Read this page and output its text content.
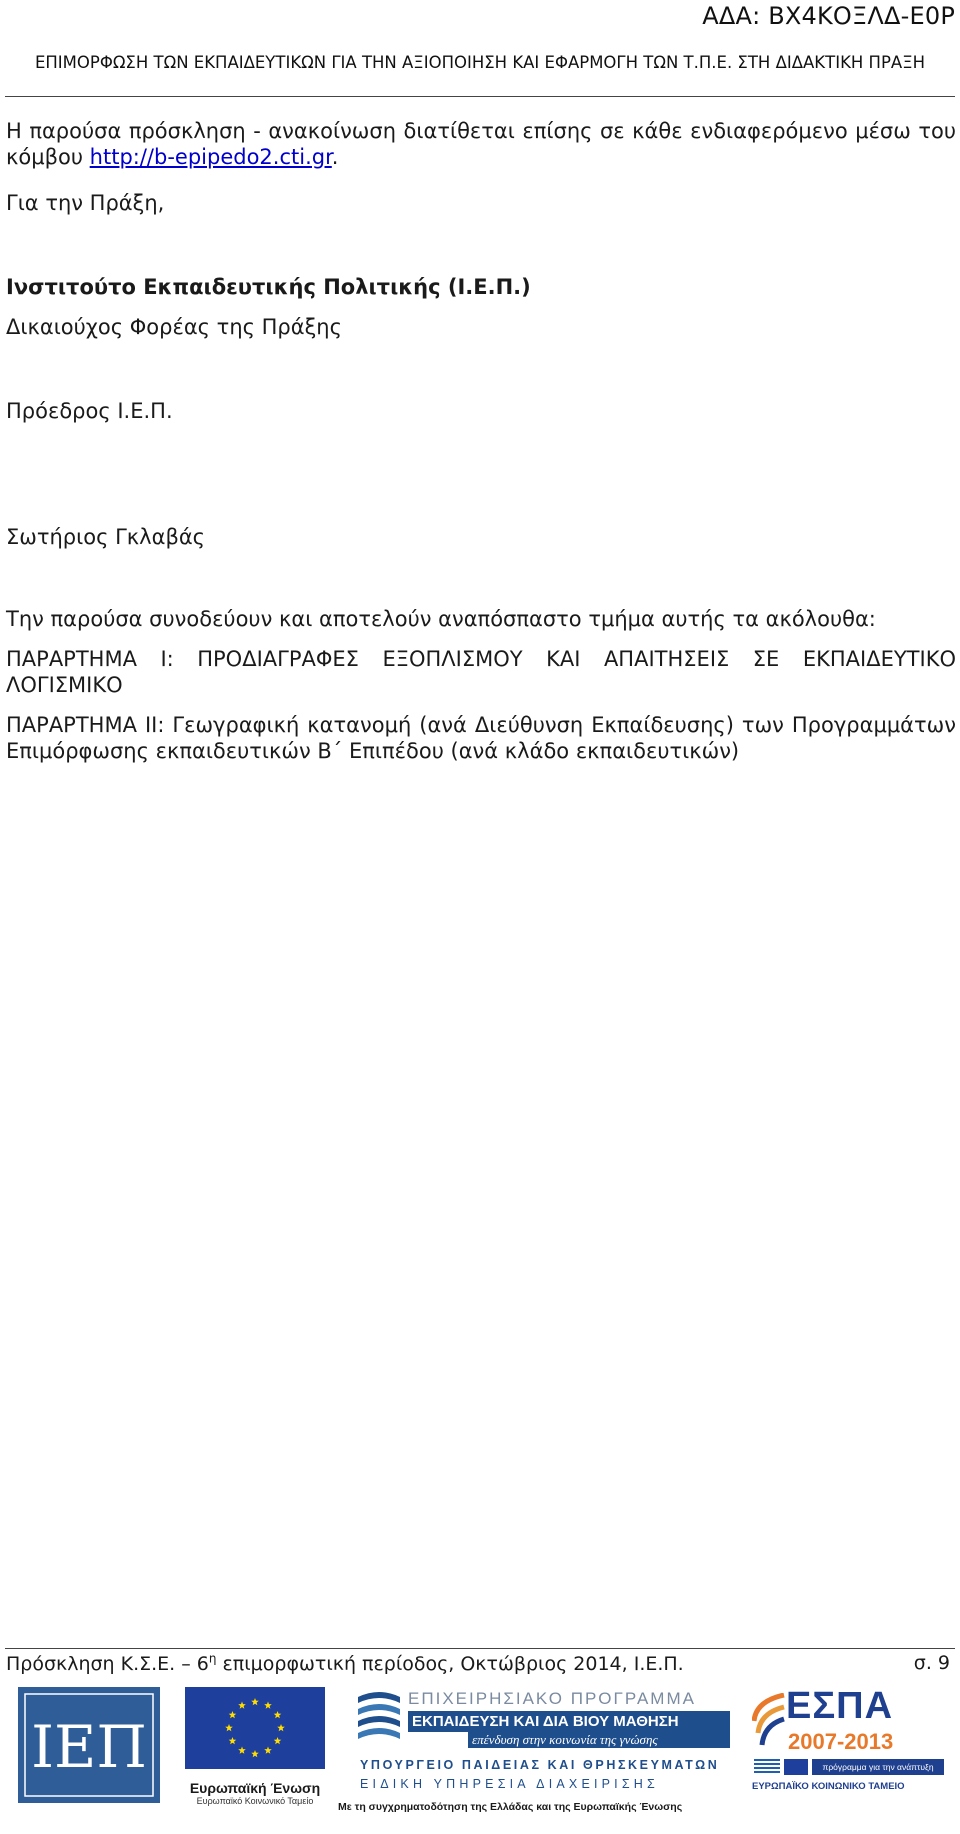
ΑΔΑ: ΒΧ4ΚΟΞΛΔ-Ε0Ρ
ΕΠΙΜΟΡΦΩΣΗ ΤΩΝ ΕΚΠΑΙΔΕΥΤΙΚΩΝ ΓΙΑ ΤΗΝ ΑΞΙΟΠΟΙΗΣΗ ΚΑΙ ΕΦΑΡΜΟΓΗ ΤΩΝ Τ.Π.Ε. ΣΤΗ ΔΙΔΑΚΤΙΚΗ ΠΡΑΞΗ
Η παρούσα πρόσκληση - ανακοίνωση διατίθεται επίσης σε κάθε ενδιαφερόμενο μέσω του κόμβου http://b-epipedo2.cti.gr.
Για την Πράξη,
Ινστιτούτο Εκπαιδευτικής Πολιτικής (Ι.Ε.Π.)
Δικαιούχος Φορέας της Πράξης
Πρόεδρος Ι.Ε.Π.
Σωτήριος Γκλαβάς
Την παρούσα συνοδεύουν και αποτελούν αναπόσπαστο τμήμα αυτής τα ακόλουθα:
ΠΑΡΑΡΤΗΜΑ Ι: ΠΡΟΔΙΑΓΡΑΦΕΣ ΕΞΟΠΛΙΣΜΟΥ ΚΑΙ ΑΠΑΙΤΗΣΕΙΣ ΣΕ ΕΚΠΑΙΔΕΥΤΙΚΟ ΛΟΓΙΣΜΙΚΟ
ΠΑΡΑΡΤΗΜΑ ΙΙ: Γεωγραφική κατανομή (ανά Διεύθυνση Εκπαίδευσης) των Προγραμμάτων Επιμόρφωσης εκπαιδευτικών Β΄ Επιπέδου (ανά κλάδο εκπαιδευτικών)
Πρόσκληση Κ.Σ.Ε. – $6^\eta$ επιμορφωτική περίοδος, Οκτώβριος 2014, Ι.Ε.Π.	σ. 9
ΙΕΠ
Ευρωπαϊκή Ένωση
Ευρωπαϊκό Κοινωνικό Ταμείο
ΕΠΙΧΕΙΡΗΣΙΑΚΟ ΠΡΟΓΡΑΜΜΑ
ΕΚΠΑΙΔΕΥΣΗ ΚΑΙ ΔΙΑ ΒΙΟΥ ΜΑΘΗΣΗ
επένδυση στην κοινωνία της γνώσης
ΥΠΟΥΡΓΕΙΟ ΠΑΙΔΕΙΑΣ ΚΑΙ ΘΡΗΣΚΕΥΜΑΤΩΝ
ΕΙΔΙΚΗ ΥΠΗΡΕΣΙΑ ΔΙΑΧΕΙΡΙΣΗΣ
Με τη συγχρηματοδότηση της Ελλάδας και της Ευρωπαϊκής Ένωσης
ΕΣΠΑ
2007-2013
πρόγραμμα για την ανάπτυξη
ΕΥΡΩΠΑΪΚΟ ΚΟΙΝΩΝΙΚΟ ΤΑΜΕΙΟ
